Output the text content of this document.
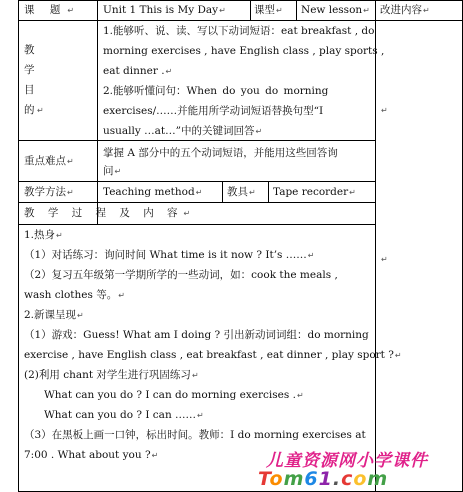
课 题↵ Unit 1 This is My Day↵	课型↵ New lesson↵ 改进内容↵
教
学
目
的 ↵
1.能够听、说、读、写以下动词短语：eat breakfast , do
morning exercises , have English class , play sports ,
eat dinner .↵
2.能够听懂问句：When do you do morning
exercises/……并能用所学动词短语替换句型“I
usually …at…”中的关键词回答↵
重点难点↵
掌握 A 部分中的五个动词短语，并能用这些回答询
问↵
教学方法↵	Teaching method↵ 教具↵ Tape recorder↵
教 学 过 程 及 内 容↵
1.热身↵
（1）对话练习：询问时间 What time is it now ? It’s ……↵
（2）复习五年级第一学期所学的一些动词，如：cook the meals ,
wash clothes 等。↵
2.新课呈现↵
（1）游戏：Guess! What am I doing ? 引出新动词词组：do morning
exercise , have English class , eat breakfast , eat dinner , play sport ?↵
(2)利用 chant 对学生进行巩固练习↵
What can you do ? I can do morning exercises .↵
What can you do ? I can ……↵
（3）在黑板上画一口钟，标出时间。教师：I do morning exercises at
7:00 . What about you ?↵
↵
↵
儿童资源网小学课件
Tom61.com
